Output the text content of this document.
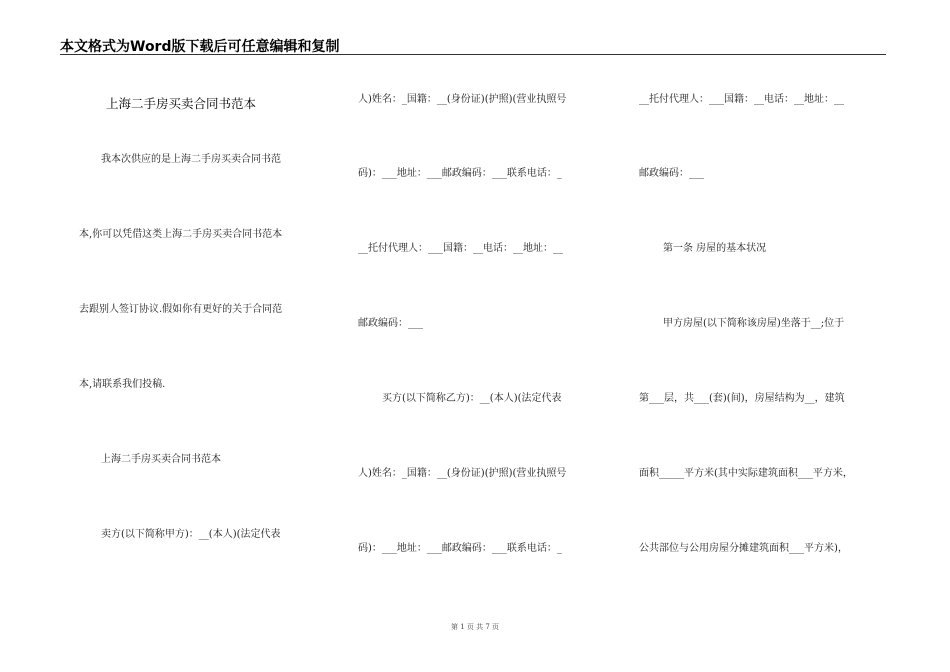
本文格式为Word版下载后可任意编辑和复制
上海二手房买卖合同书范本
我本次供应的是上海二手房买卖合同书范
本,你可以凭借这类上海二手房买卖合同书范本
去跟别人签订协议.假如你有更好的关于合同范
本,请联系我们投稿.
上海二手房买卖合同书范本
卖方(以下简称甲方)：__(本人)(法定代表
人)姓名：_国籍：__(身份证)(护照)(营业执照号
码)：___地址：___邮政编码：___联系电话：_
__托付代理人：___国籍：__电话：__地址：__
邮政编码：___
买方(以下简称乙方)：__(本人)(法定代表
人)姓名：_国籍：__(身份证)(护照)(营业执照号
码)：___地址：___邮政编码：___联系电话：_
__托付代理人：___国籍：__电话：__地址：__
邮政编码：___
第一条 房屋的基本状况
甲方房屋(以下简称该房屋)坐落于__;位于
第___层，共___(套)(间)，房屋结构为__，建筑
面积_____平方米(其中实际建筑面积___平方米，
公共部位与公用房屋分摊建筑面积___平方米)，
第 1 页 共 7 页
